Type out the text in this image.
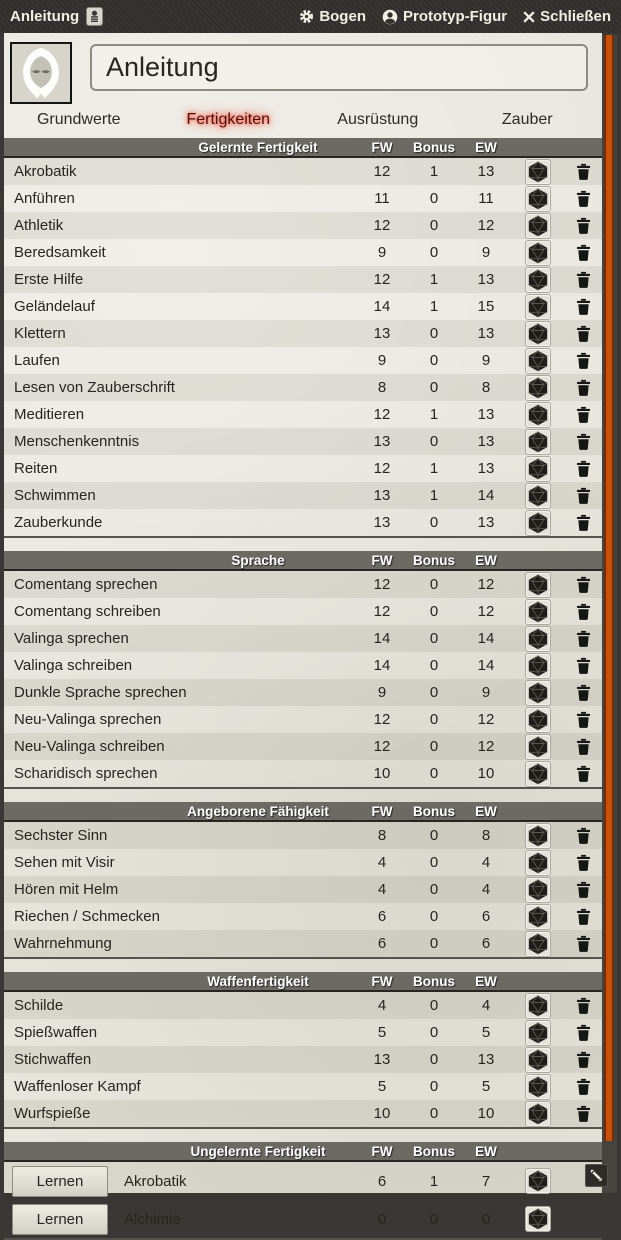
Anleitung	Bogen Prototyp-Figur Schließen
Anleitung
Grundwerte	Fertigkeiten	Ausrüstung	Zauber
Gelernte Fertigkeit	FW	Bonus	EW
Akrobatik	12	1	13
Anführen	11	0	11
Athletik	12	0	12
Beredsamkeit	9	0	9
Erste Hilfe	12	1	13
Geländelauf	14	1	15
Klettern	13	0	13
Laufen	9	0	9
Lesen von Zauberschrift	8	0	8
Meditieren	12	1	13
Menschenkenntnis	13	0	13
Reiten	12	1	13
Schwimmen	13	1	14
Zauberkunde	13	0	13
Sprache	FW	Bonus	EW
Comentang sprechen	12	0	12
Comentang schreiben	12	0	12
Valinga sprechen	14	0	14
Valinga schreiben	14	0	14
Dunkle Sprache sprechen	9	0	9
Neu-Valinga sprechen	12	0	12
Neu-Valinga schreiben	12	0	12
Scharidisch sprechen	10	0	10
Angeborene Fähigkeit	FW	Bonus	EW
Sechster Sinn	8	0	8
Sehen mit Visir	4	0	4
Hören mit Helm	4	0	4
Riechen / Schmecken	6	0	6
Wahrnehmung	6	0	6
Waffenfertigkeit	FW	Bonus	EW
Schilde	4	0	4
Spießwaffen	5	0	5
Stichwaffen	13	0	13
Waffenloser Kampf	5	0	5
Wurfspieße	10	0	10
Ungelernte Fertigkeit	FW	Bonus	EW
Lernen	Akrobatik	6	1	7
Lernen	Alchimie	0	0	0
